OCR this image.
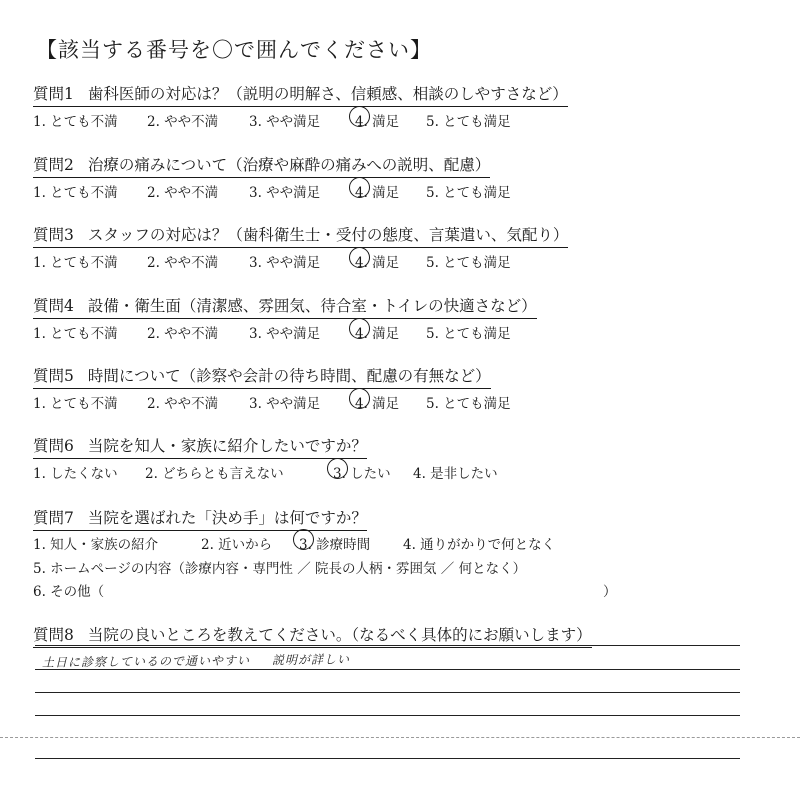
【該当する番号を〇で囲んでください】
質問1 歯科医師の対応は？（説明の明解さ、信頼感、相談のしやすさなど）
1. とても不満 2. やや不満 3. やや満足	4. 満足 5. とても満足
質問2 治療の痛みについて（治療や麻酔の痛みへの説明、配慮）
1. とても不満 2. やや不満 3. やや満足	4. 満足 5. とても満足
質問3 スタッフの対応は？（歯科衛生士・受付の態度、言葉遣い、気配り）
1. とても不満 2. やや不満 3. やや満足	4. 満足 5. とても満足
質問4 設備・衛生面（清潔感、雰囲気、待合室・トイレの快適さなど）
1. とても不満 2. やや不満 3. やや満足	4. 満足 5. とても満足
質問5 時間について（診察や会計の待ち時間、配慮の有無など）
1. とても不満 2. やや不満 3. やや満足	4. 満足 5. とても満足
質問6 当院を知人・家族に紹介したいですか？
1. したくない 2. どちらとも言えない	3. したい 4. 是非したい
質問7 当院を選ばれた「決め手」は何ですか？
1. 知人・家族の紹介	2. 近いから 3. 診療時間 4. 通りがかりで何となく
5. ホームページの内容（診療内容・専門性 ／ 院長の人柄・雰囲気 ／ 何となく）
6. その他（	）
質問8 当院の良いところを教えてください。（なるべく具体的にお願いします）
土日に診察しているので通いやすい 説明が詳しい
